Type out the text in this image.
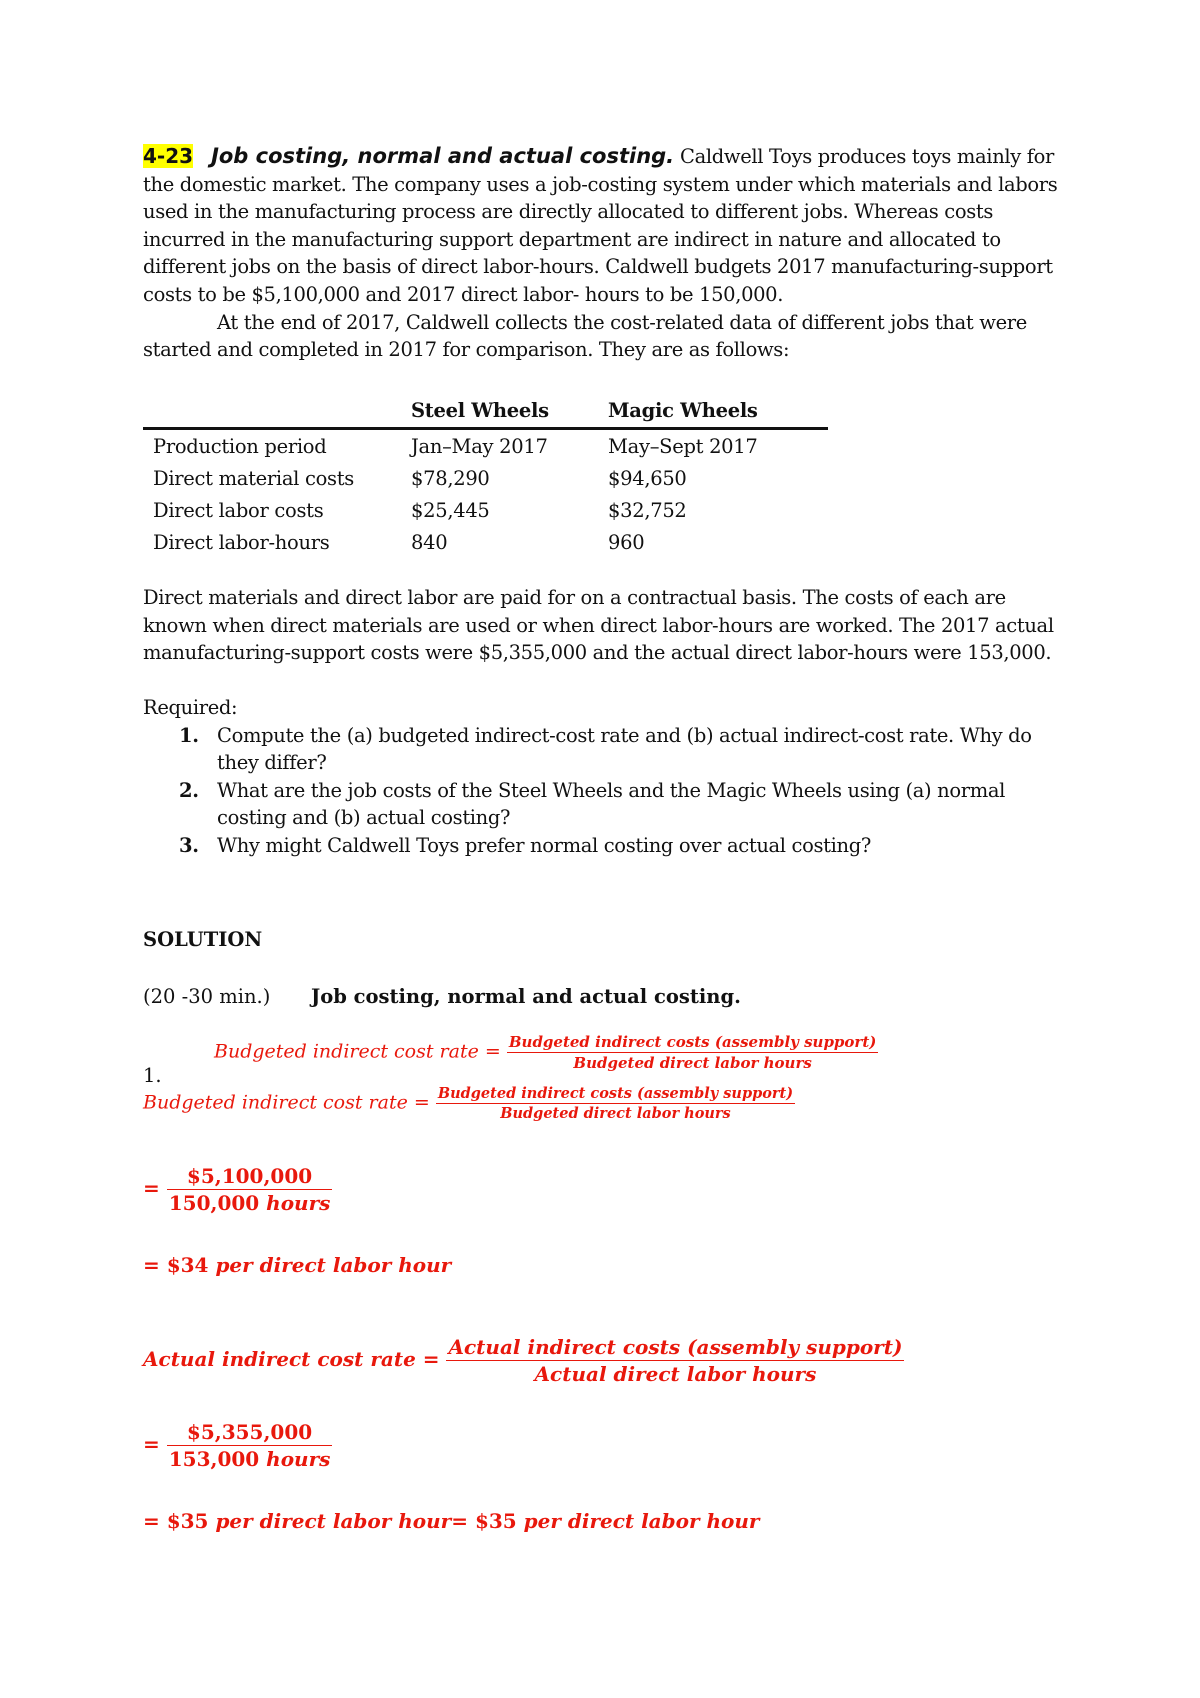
4-23 Job costing, normal and actual costing. Caldwell Toys produces toys mainly for the domestic market. The company uses a job-costing system under which materials and labors used in the manufacturing process are directly allocated to different jobs. Whereas costs incurred in the manufacturing support department are indirect in nature and allocated to different jobs on the basis of direct labor-hours. Caldwell budgets 2017 manufacturing-support costs to be $5,100,000 and 2017 direct labor- hours to be 150,000.

At the end of 2017, Caldwell collects the cost-related data of different jobs that were started and completed in 2017 for comparison. They are as follows:

	Steel Wheels	Magic Wheels
Production period	Jan–May 2017	May–Sept 2017
Direct material costs	$78,290	$94,650
Direct labor costs	$25,445	$32,752
Direct labor-hours	840	960

Direct materials and direct labor are paid for on a contractual basis. The costs of each are known when direct materials are used or when direct labor-hours are worked. The 2017 actual manufacturing-support costs were $5,355,000 and the actual direct labor-hours were 153,000.

Required:
1. Compute the (a) budgeted indirect-cost rate and (b) actual indirect-cost rate. Why do they differ?
2. What are the job costs of the Steel Wheels and the Magic Wheels using (a) normal costing and (b) actual costing?
3. Why might Caldwell Toys prefer normal costing over actual costing?
SOLUTION
(20 -30 min.) Job costing, normal and actual costing.
1.
Budgeted indirect cost rate = $\frac{\text{Budgeted indirect costs (assembly support)}}{\text{Budgeted direct labor hours}}$
Budgeted indirect cost rate = $\frac{\text{Budgeted indirect costs (assembly support)}}{\text{Budgeted direct labor hours}}$
= $\frac{\$5,100,000}{\text{150,000 hours}}$
= $34 per direct labor hour
Actual indirect cost rate = $\frac{\text{Actual indirect costs (assembly support)}}{\text{Actual direct labor hours}}$
= $\frac{\$5,355,000}{\text{153,000 hours}}$
= $35 per direct labor hour= $35 per direct labor hour
